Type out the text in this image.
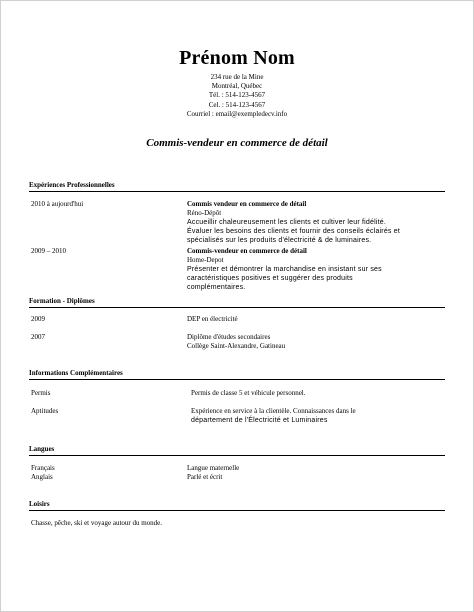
Prénom Nom
234 rue de la Mine
Montréal, Québec
Tél. : 514-123-4567
Cel. : 514-123-4567
Courriel : email@exempledecv.info
Commis-vendeur en commerce de détail
Expériences Professionnelles
2010 à aujourd'hui	Commis vendeur en commerce de détail
Réno-Dépôt
Accueillir chaleureusement les clients et cultiver leur fidélité.
Évaluer les besoins des clients et fournir des conseils éclairés et
spécialisés sur les produits d'électricité & de luminaires.
2009 – 2010	Commis-vendeur en commerce de détail
Home-Depot
Présenter et démontrer la marchandise en insistant sur ses
caractéristiques positives et suggérer des produits
complémentaires.
Formation - Diplômes
2009	DEP en électricité
2007	Diplôme d'études secondaires
Collège Saint-Alexandre, Gatineau
Informations Complémentaires
Permis	Permis de classe 5 et véhicule personnel.
Aptitudes	Expérience en service à la clientèle. Connaissances dans le
département de l'Électricité et Luminaires
Langues
Français	Langue maternelle
Anglais	Parlé et écrit
Loisirs
Chasse, pêche, ski et voyage autour du monde.
